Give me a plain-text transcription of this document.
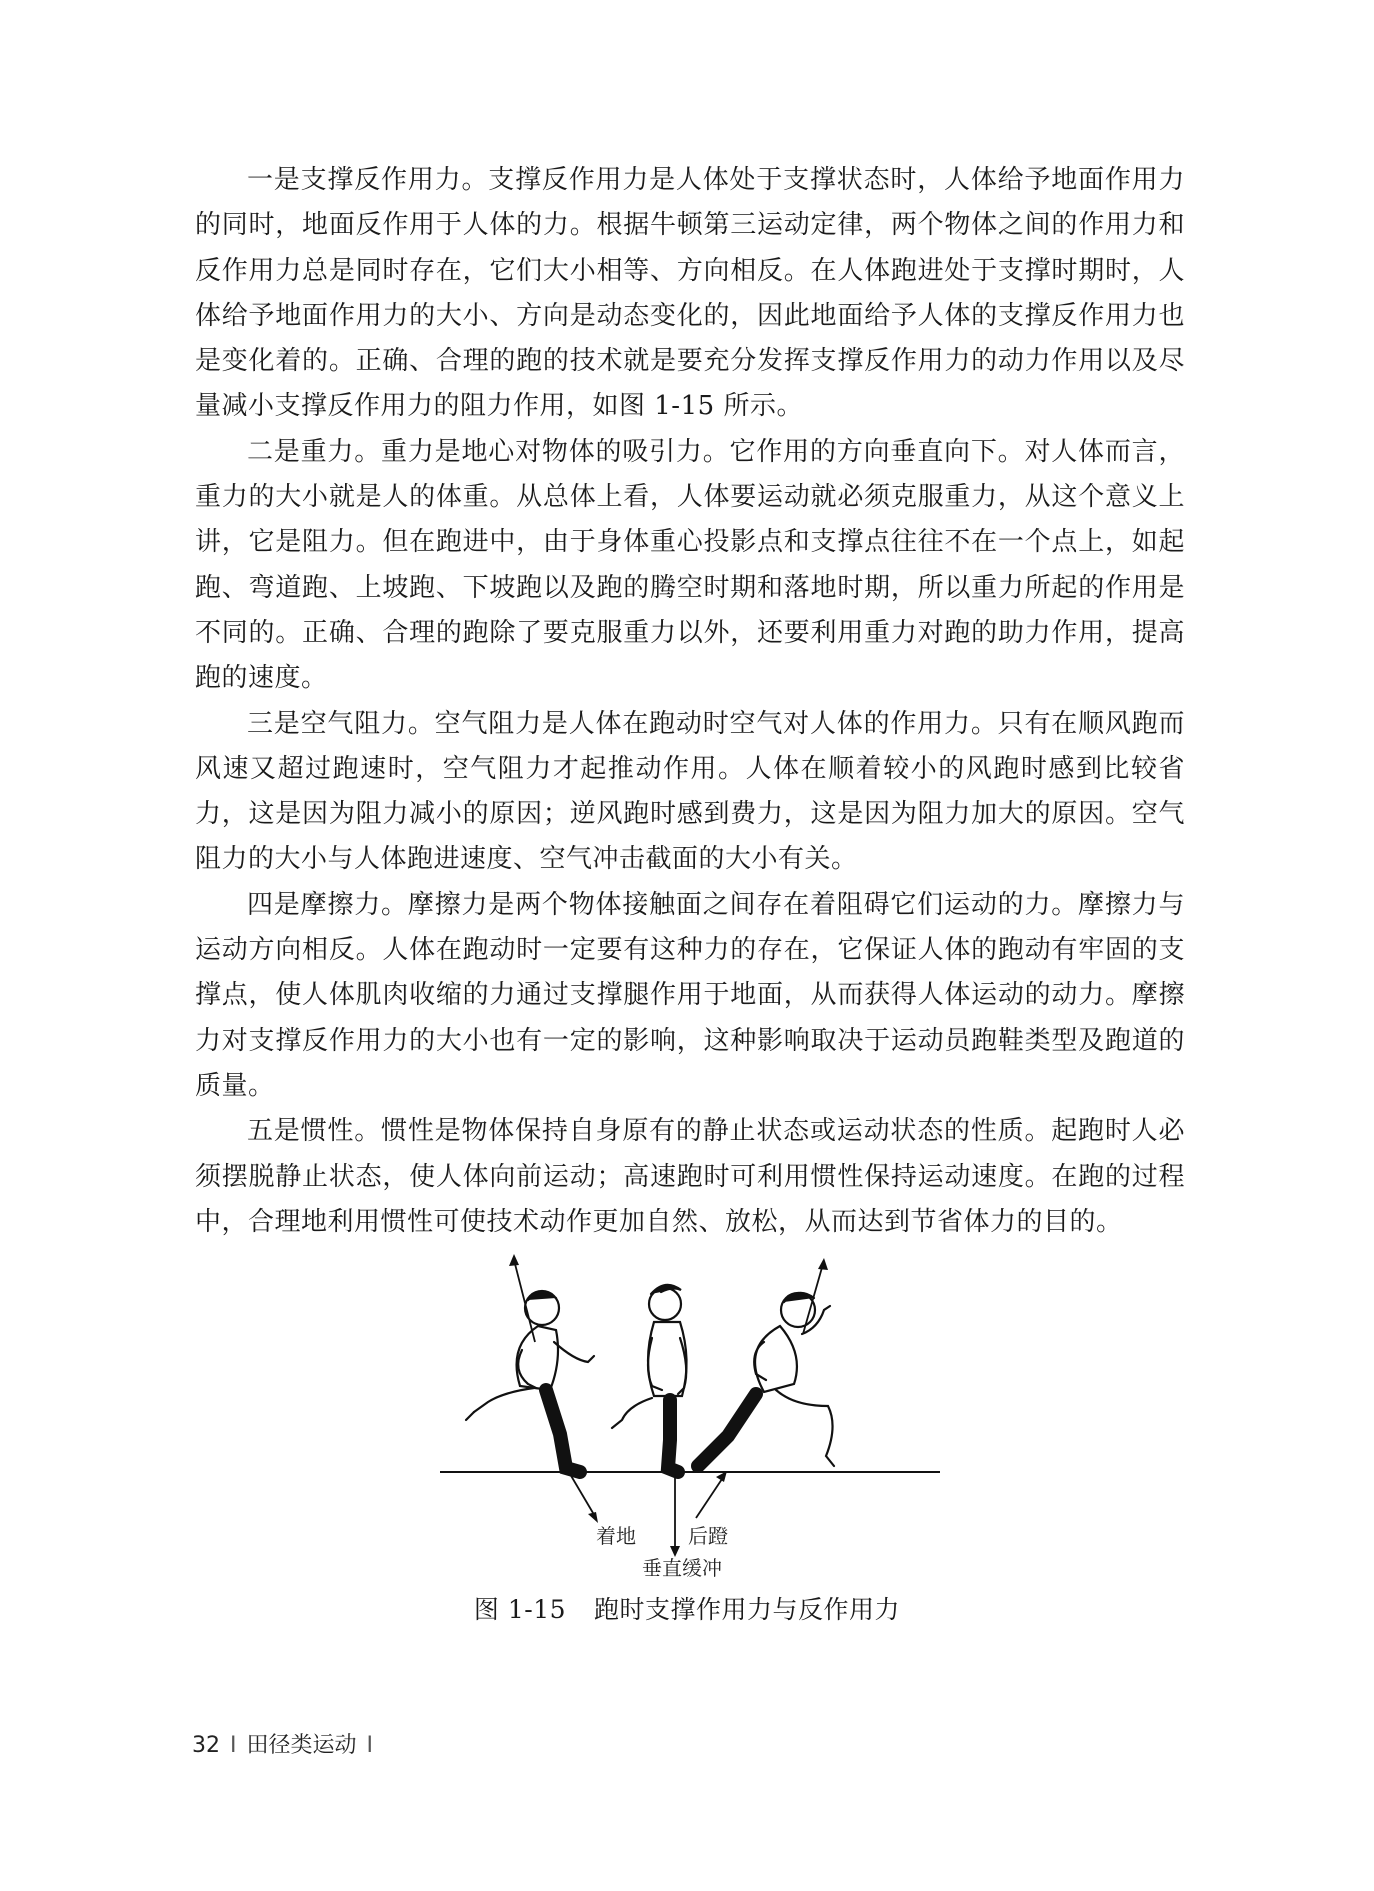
一是支撑反作用力。支撑反作用力是人体处于支撑状态时，人体给予地面作用力的同时，地面反作用于人体的力。根据牛顿第三运动定律，两个物体之间的作用力和反作用力总是同时存在，它们大小相等、方向相反。在人体跑进处于支撑时期时，人体给予地面作用力的大小、方向是动态变化的，因此地面给予人体的支撑反作用力也是变化着的。正确、合理的跑的技术就是要充分发挥支撑反作用力的动力作用以及尽量减小支撑反作用力的阻力作用，如图 1-15 所示。

二是重力。重力是地心对物体的吸引力。它作用的方向垂直向下。对人体而言，重力的大小就是人的体重。从总体上看，人体要运动就必须克服重力，从这个意义上讲，它是阻力。但在跑进中，由于身体重心投影点和支撑点往往不在一个点上，如起跑、弯道跑、上坡跑、下坡跑以及跑的腾空时期和落地时期，所以重力所起的作用是不同的。正确、合理的跑除了要克服重力以外，还要利用重力对跑的助力作用，提高跑的速度。

三是空气阻力。空气阻力是人体在跑动时空气对人体的作用力。只有在顺风跑而风速又超过跑速时，空气阻力才起推动作用。人体在顺着较小的风跑时感到比较省力，这是因为阻力减小的原因；逆风跑时感到费力，这是因为阻力加大的原因。空气阻力的大小与人体跑进速度、空气冲击截面的大小有关。

四是摩擦力。摩擦力是两个物体接触面之间存在着阻碍它们运动的力。摩擦力与运动方向相反。人体在跑动时一定要有这种力的存在，它保证人体的跑动有牢固的支撑点，使人体肌肉收缩的力通过支撑腿作用于地面，从而获得人体运动的动力。摩擦力对支撑反作用力的大小也有一定的影响，这种影响取决于运动员跑鞋类型及跑道的质量。

五是惯性。惯性是物体保持自身原有的静止状态或运动状态的性质。起跑时人必须摆脱静止状态，使人体向前运动；高速跑时可利用惯性保持运动速度。在跑的过程中，合理地利用惯性可使技术动作更加自然、放松，从而达到节省体力的目的。

着地	后蹬
垂直缓冲
图 1-15 跑时支撑作用力与反作用力
32 I 田径类运动 I
